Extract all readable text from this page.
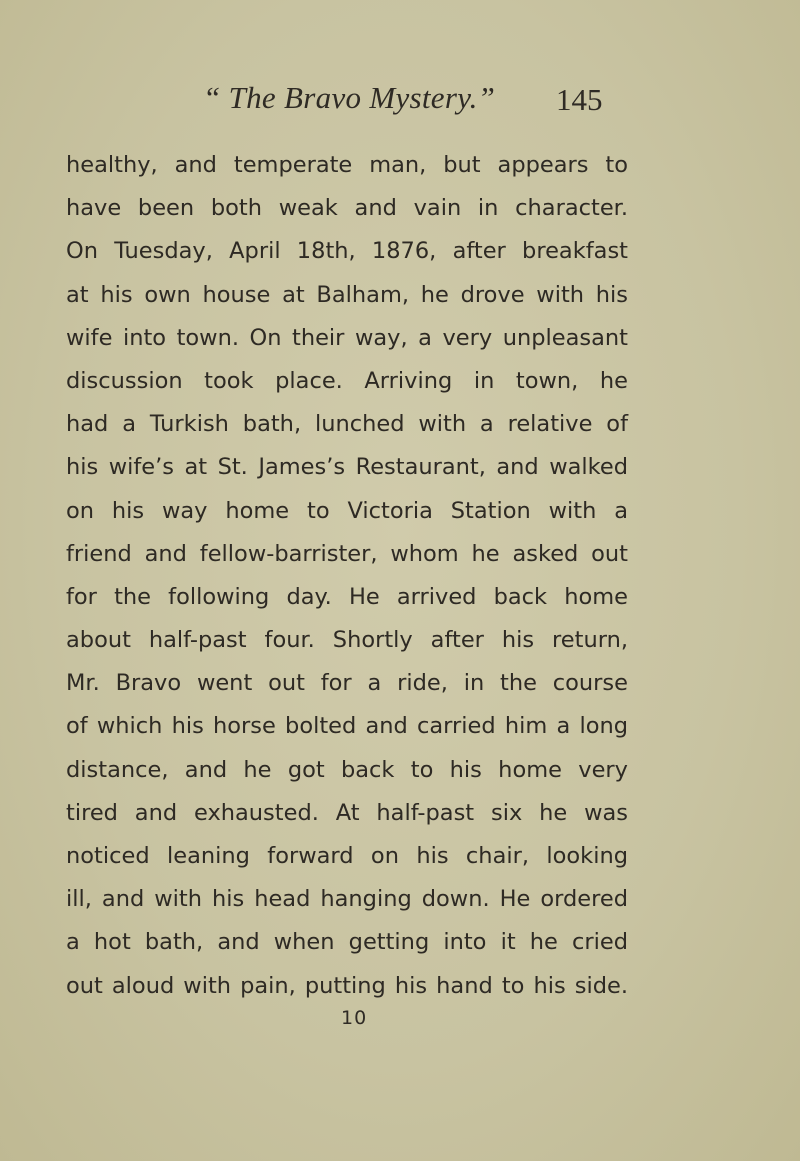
“ The Bravo Mystery.” 145
healthy, and temperate man, but appears to
have been both weak and vain in character.
On Tuesday, April 18th, 1876, after breakfast
at his own house at Balham, he drove with his
wife into town. On their way, a very unpleasant
discussion took place. Arriving in town, he
had a Turkish bath, lunched with a relative of
his wife’s at St. James’s Restaurant, and walked
on his way home to Victoria Station with a
friend and fellow-barrister, whom he asked out
for the following day. He arrived back home
about half-past four. Shortly after his return,
Mr. Bravo went out for a ride, in the course
of which his horse bolted and carried him a long
distance, and he got back to his home very
tired and exhausted. At half-past six he was
noticed leaning forward on his chair, looking
ill, and with his head hanging down. He ordered
a hot bath, and when getting into it he cried
out aloud with pain, putting his hand to his side.
10
